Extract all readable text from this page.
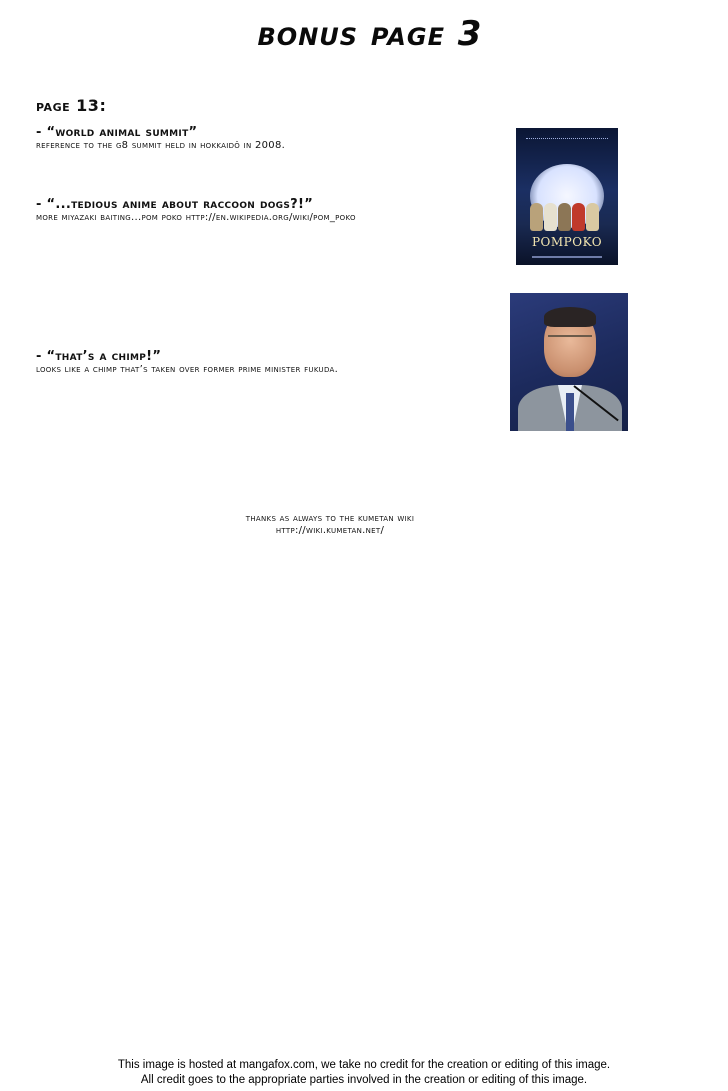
bonus page 3
page 13:
- “world animal summit”
reference to the g8 summit held in hokkaidō in 2008.
- “...tedious anime about raccoon dogs?!”
more miyazaki baiting...pom poko http://en.wikipedia.org/wiki/pom_poko
- “that’s a chimp!”
looks like a chimp that’s taken over former prime minister fukuda.
POMPOKO
thanks as always to the kumetan wiki
http://wiki.kumetan.net/
This image is hosted at mangafox.com, we take no credit for the creation or editing of this image.
All credit goes to the appropriate parties involved in the creation or editing of this image.
